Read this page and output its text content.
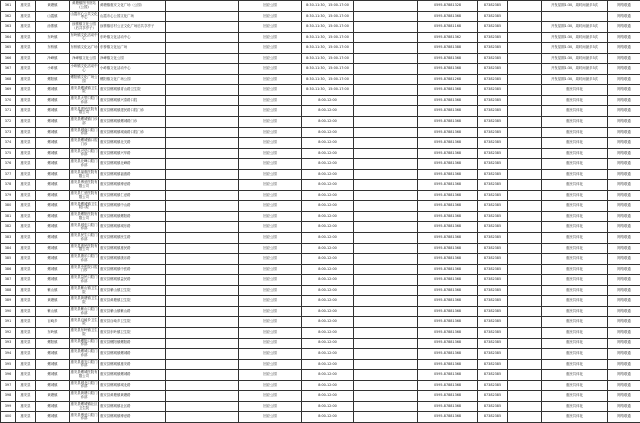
361	惠安县	黄塘镇	黄塘镇图书馆站(公园)	黄塘镇惠安文化广场（公园）		回应公园	8:30-11:30，15:00-17:00		0595-87881328	87382385		开发星期1:30，周时间最多3次	网络联通
362	惠安县	山霞镇	山霞市心公共文化中心	山霞市心公园文化广场		回应公园	8:30-11:30，15:00-17:00		0595-87881368	87382385			网络联通
363	惠安县	涂寨镇	涂寨镇文化公园（后共享亭子）	涂寨镇后村公正文化广场后共享亭子		回应公园	8:30-11:30，15:00-17:00		0595-87881168	87382385		开发星期1:30，周时间最多3次	网络联通
364	惠安县	东岭镇	东岭镇文化活动中心	东岭镇文化活动中心		回应公园	8:30-11:30，15:00-17:00		0595-87881362	87382385		开发星期1:30，周时间最多3次	网络联通
365	惠安县	东桥镇	东桥镇文化运广场	东桥镇文化运广场		回应公园	8:30-11:30，15:00-17:00		0595-87881388	87382385		开发星期1:30，周时间最多3次	网络联通
366	惠安县	净峰镇	净峰镇文化公园	净峰镇文化公园		回应公园	8:30-11:30，15:00-17:00		0595-87881368	87382385		开发星期1:30，周时间最多3次	网络联通
367	惠安县	小岞镇	小岞镇文化活动中心	小岞镇文化活动中心		回应公园	8:30-11:30，15:00-17:00		0595-87881368	87382385		开发星期1:30，周时间最多3次	网络联通
368	惠安县	螺阳镇	螺阳镇文化广场公园	螺阳镇文化广场公园		回应公园	8:30-11:30，15:00-17:00		0595-87881268	87382385		开发星期1:30，周时间最多3次	网络联通
369	惠安县	螺城镇	惠安县螺城镇卫生院	惠安县螺城镇青山路卫生院		回应公园	8:30-11:30，15:00-17:00		0595-87881368	87382385		惠民共体化	网络联通
370	惠安县	螺城镇	惠安县大型口腔门诊部	惠安县螺城镇兴泰路口腔		回应公园	8:00-12:00		0595-87881368	87382385		惠民共体化	网络联通
371	惠安县	螺城镇	惠安县建民医院有限公司	惠安县螺城镇建民路口腔门诊		回应公园	8:00-12:00		0595-87881368	87382385		惠民共体化	网络联通
372	惠安县	螺城镇	惠安县螺城镇门诊部	惠安县螺城镇螺城路门诊		回应公园	8:00-12:00		0595-87881368	87382385		惠民共体化	网络联通
373	惠安县	螺城镇	惠安县城南口腔门诊部	惠安县螺城镇城南路口腔门诊		回应公园	8:00-12:00		0595-87881368	87382385		惠民共体化	网络联通
374	惠安县	螺城镇	惠安县螺城镇口腔门诊	惠安县螺城镇北关路		回应公园	8:00-12:00		0595-87881368	87382385		惠民共体化	网络联通
375	惠安县	螺城镇	惠安县兴华口腔门诊部	惠安县螺城镇兴华路		回应公园	8:00-12:00		0595-87881368	87382385		惠民共体化	网络联通
376	惠安县	螺城镇	惠安县北峰口腔门诊部	惠安县螺城镇北峰路		回应公园	8:00-12:00		0595-87881368	87382385		惠民共体化	网络联通
377	惠安县	螺城镇	惠安县福惠医院有限公司	惠安县螺城镇福惠路		回应公园	8:00-12:00		0595-87881368	87382385		惠民共体化	网络联通
378	惠安县	螺城镇	惠安县博爱医院有限公司	惠安县螺城镇博爱路		回应公园	8:00-12:00		0595-87881368	87382385		惠民共体化	网络联通
379	惠安县	螺城镇	惠安县仁爱医院有限公司	惠安县螺城镇仁爱路		回应公园	8:00-12:00		0595-87881368	87382385		惠民共体化	网络联通
380	惠安县	螺城镇	惠安县螺城镇卫生院口腔	惠安县螺城镇中山路		回应公园	8:00-12:00		0595-87881368	87382385		惠民共体化	网络联通
381	惠安县	螺城镇	惠安县螺阳医院有限公司	惠安县螺城镇螺阳路		回应公园	8:00-12:00		0595-87881368	87382385		惠民共体化	网络联通
382	惠安县	螺城镇	惠安县城东口腔门诊部	惠安县螺城镇城东路		回应公园	8:00-12:00		0595-87881368	87382385		惠民共体化	网络联通
383	惠安县	螺城镇	惠安县民生口腔门诊部	惠安县螺城镇民生路		回应公园	8:00-12:00		0595-87881368	87382385		惠民共体化	网络联通
384	惠安县	螺城镇	惠安县惠民医院有限公司	惠安县螺城镇惠民路		回应公园	8:00-12:00		0595-87881368	87382385		惠民共体化	网络联通
385	惠安县	螺城镇	惠安县康乐口腔门诊部	惠安县螺城镇康乐路		回应公园	8:00-12:00		0595-87881368	87382385		惠民共体化	网络联通
386	惠安县	螺城镇	惠安县中医院口腔门诊	惠安县螺城镇中医路		回应公园	8:00-12:00		0595-87881368	87382385		惠民共体化	网络联通
387	惠安县	螺城镇	惠安县益民口腔门诊部	惠安县螺城镇益民路		回应公园	8:00-12:00		0595-87881368	87382385		惠民共体化	网络联通
388	惠安县	紫山镇	惠安县紫山镇卫生院	惠安县紫山镇卫生院		回应公园	8:00-12:00		0595-87881368	87382385		惠民共体化	网络联通
389	惠安县	黄塘镇	惠安县黄塘镇卫生院	惠安县黄塘镇卫生院		回应公园	8:00-12:00		0595-87881368	87382385		惠民共体化	网络联通
390	惠安县	紫山镇	惠安县紫山口腔门诊部	惠安县紫山镇紫山路		回应公园	8:00-12:00		0595-87881368	87382385		惠民共体化	网络联通
391	惠安县	百崎乡	惠安县百崎乡卫生院	惠安县百崎乡卫生院		回应公园	8:00-12:00		0595-87881368	87382385		惠民共体化	网络联通
392	惠安县	东岭镇	惠安县东岭镇卫生院	惠安县东岭镇卫生院		回应公园	8:00-12:00		0595-87881368	87382385		惠民共体化	网络联通
393	惠安县	螺阳镇	惠安县螺阳口腔门诊部	惠安县螺阳镇螺阳路		回应公园	8:00-12:00		0595-87881368	87382385		惠民共体化	网络联通
394	惠安县	螺城镇	惠安县螺城口腔门诊部	惠安县螺城镇螺城路		回应公园	8:00-12:00		0595-87881368	87382385		惠民共体化	网络联通
395	惠安县	螺城镇	惠安县惠安口腔门诊部	惠安县螺城镇惠安路		回应公园	8:00-12:00		0595-87881368	87382385		惠民共体化	网络联通
396	惠安县	螺城镇	惠安县螺城医院有限公司	惠安县螺城镇螺城路		回应公园	8:00-12:00		0595-87881368	87382385		惠民共体化	网络联通
397	惠安县	螺城镇	惠安县城北口腔门诊部	惠安县螺城镇城北路		回应公园	8:00-12:00		0595-87881368	87382385		惠民共体化	网络联通
398	惠安县	黄塘镇	惠安县黄塘口腔门诊部	惠安县黄塘镇黄塘路		回应公园	8:00-12:00		0595-87881368	87382385		惠民共体化	网络联通
399	惠安县	螺城镇	惠安县螺城镇社区卫生院	惠安县螺城镇社区路		回应公园	8:00-12:00		0595-87881368	87382385		惠民共体化	网络联通
400	惠安县	螺城镇	惠安县博爱口腔门诊部	惠安县螺城镇博爱路		回应公园	8:00-12:00		0595-87881368	87382385		惠民共体化	网络联通
